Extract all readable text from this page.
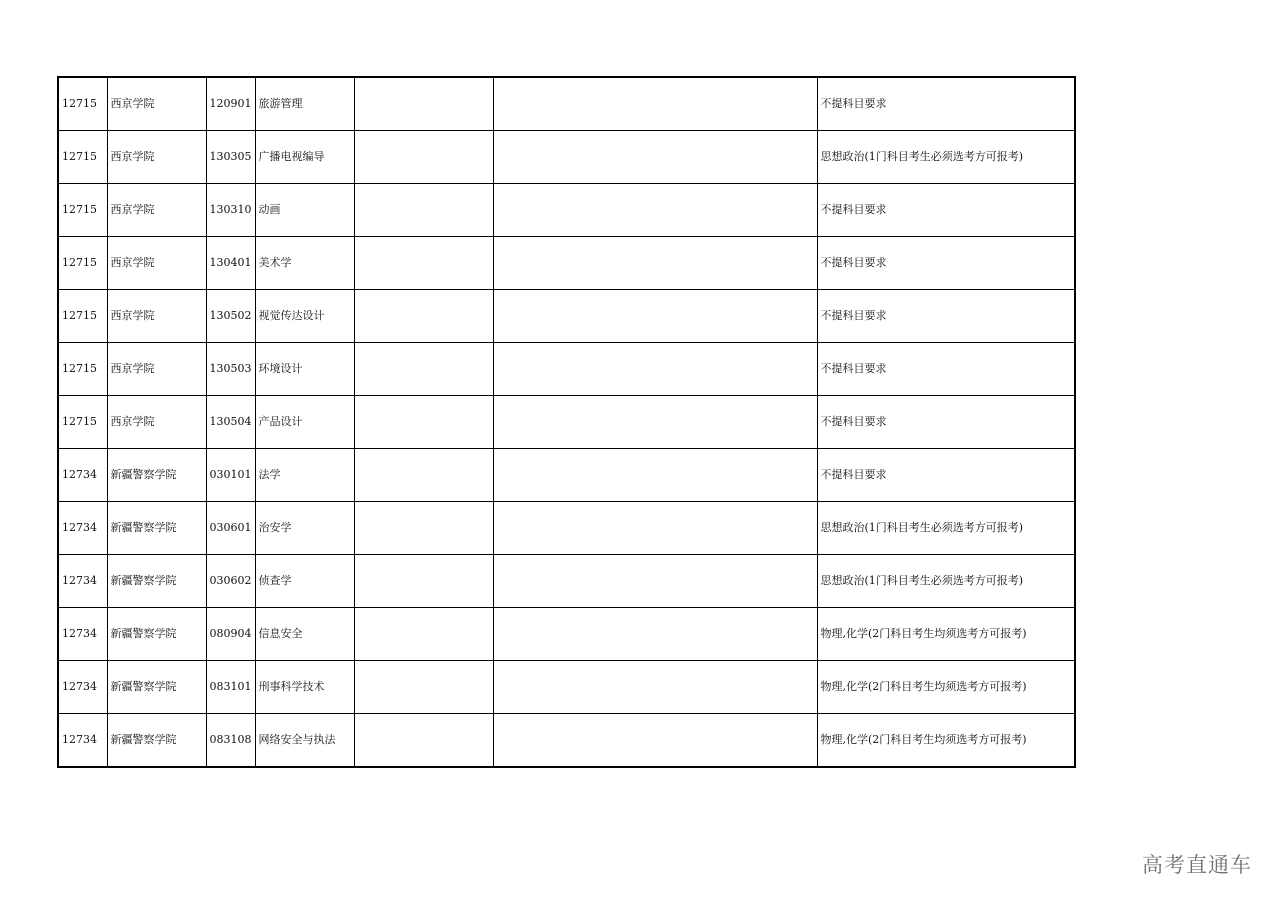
12715	西京学院	120901	旅游管理			不提科目要求
12715	西京学院	130305	广播电视编导			思想政治(1门科目考生必须选考方可报考)
12715	西京学院	130310	动画			不提科目要求
12715	西京学院	130401	美术学			不提科目要求
12715	西京学院	130502	视觉传达设计			不提科目要求
12715	西京学院	130503	环境设计			不提科目要求
12715	西京学院	130504	产品设计			不提科目要求
12734	新疆警察学院	030101	法学			不提科目要求
12734	新疆警察学院	030601	治安学			思想政治(1门科目考生必须选考方可报考)
12734	新疆警察学院	030602	侦查学			思想政治(1门科目考生必须选考方可报考)
12734	新疆警察学院	080904	信息安全			物理,化学(2门科目考生均须选考方可报考)
12734	新疆警察学院	083101	刑事科学技术			物理,化学(2门科目考生均须选考方可报考)
12734	新疆警察学院	083108	网络安全与执法			物理,化学(2门科目考生均须选考方可报考)
高考直通车
